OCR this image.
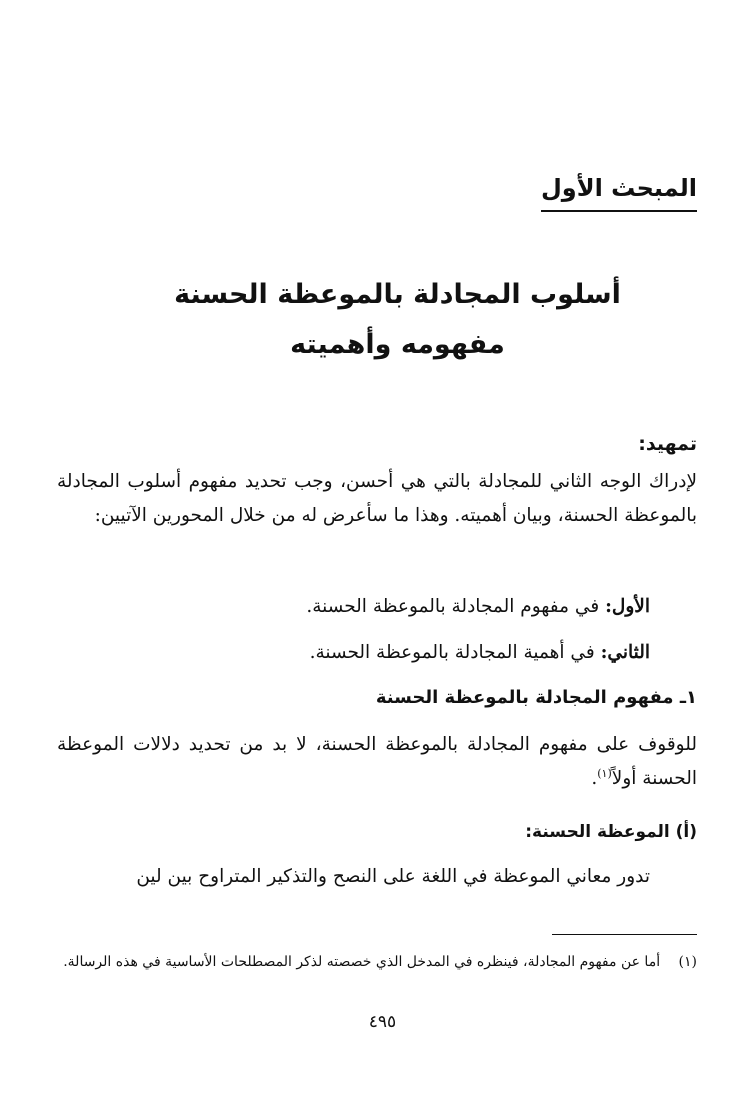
المبحث الأول
أسلوب المجادلة بالموعظة الحسنة
مفهومه وأهميته
تمهيد:
لإدراك الوجه الثاني للمجادلة بالتي هي أحسن، وجب تحديد مفهوم أسلوب المجادلة بالموعظة الحسنة، وبيان أهميته. وهذا ما سأعرض له من خلال المحورين الآتيين:
الأول: في مفهوم المجادلة بالموعظة الحسنة.
الثاني: في أهمية المجادلة بالموعظة الحسنة.
١ـ مفهوم المجادلة بالموعظة الحسنة
للوقوف على مفهوم المجادلة بالموعظة الحسنة، لا بد من تحديد دلالات الموعظة الحسنة أولاً$^{(١)}$.
(أ) الموعظة الحسنة:
تدور معاني الموعظة في اللغة على النصح والتذكير المتراوح بين لين
(١) أما عن مفهوم المجادلة، فينظره في المدخل الذي خصصته لذكر المصطلحات الأساسية في هذه الرسالة.
٤٩٥
